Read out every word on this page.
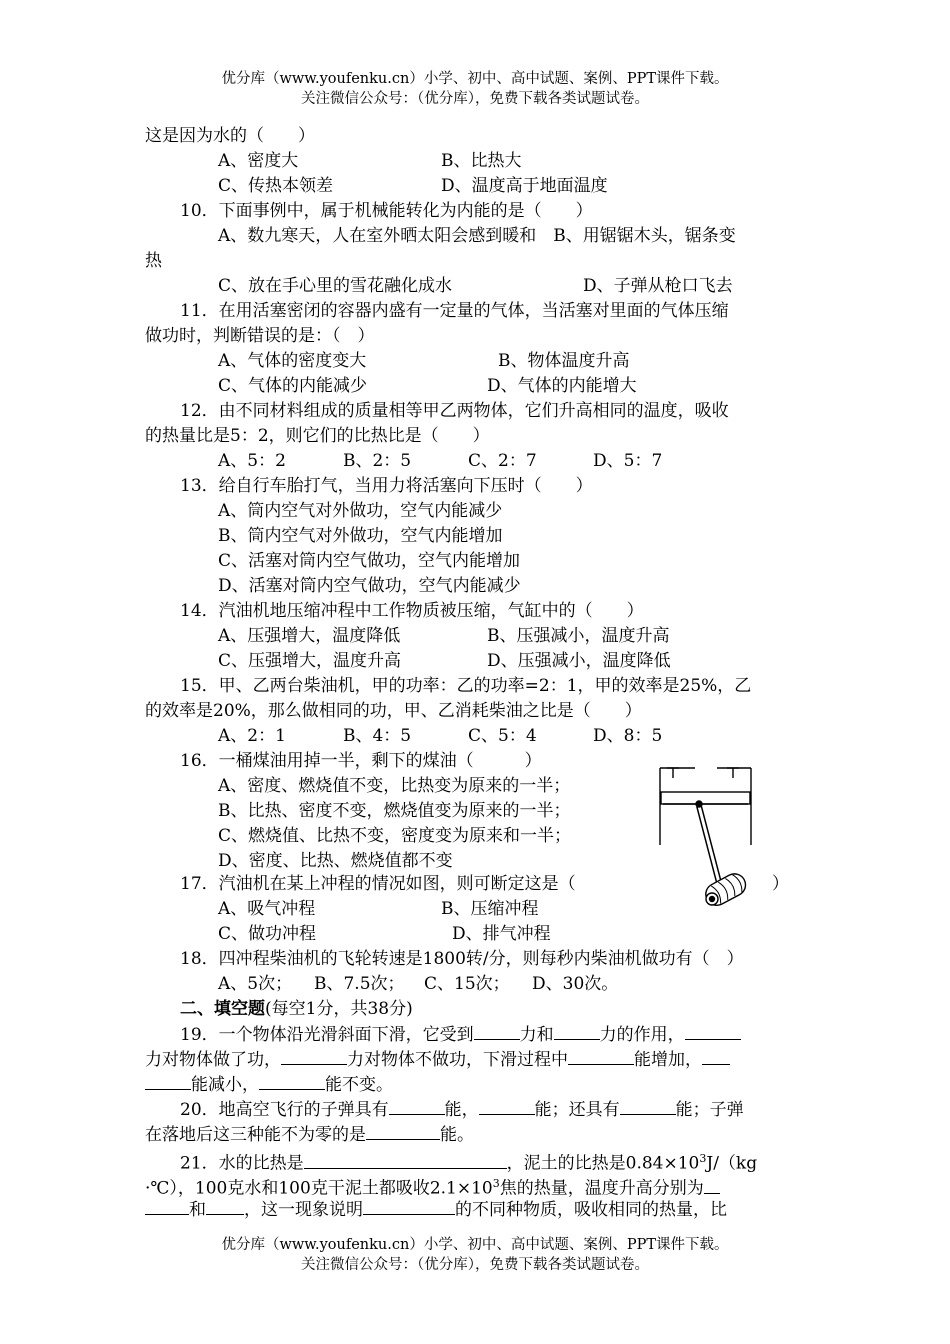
优分库（www.youfenku.cn）小学、初中、高中试题、案例、PPT课件下载。
关注微信公众号：（优分库），免费下载各类试题试卷。
这是因为水的（　　）
A、密度大	B、比热大
C、传热本领差	D、温度高于地面温度
10．下面事例中，属于机械能转化为内能的是（　　）
A、数九寒天，人在室外晒太阳会感到暖和　B、用锯锯木头，锯条变
热
C、放在手心里的雪花融化成水	D、子弹从枪口飞去
11．在用活塞密闭的容器内盛有一定量的气体，当活塞对里面的气体压缩
做功时，判断错误的是：（　）
A、气体的密度变大	B、物体温度升高
C、气体的内能减少	D、气体的内能增大
12．由不同材料组成的质量相等甲乙两物体，它们升高相同的温度，吸收
的热量比是5：2，则它们的比热比是（　　）
A、5：2	B、2：5	C、2：7	D、5：7
13．给自行车胎打气，当用力将活塞向下压时（　　）
A、筒内空气对外做功，空气内能减少
B、筒内空气对外做功，空气内能增加
C、活塞对筒内空气做功，空气内能增加
D、活塞对筒内空气做功，空气内能减少
14．汽油机地压缩冲程中工作物质被压缩，气缸中的（　　）
A、压强增大，温度降低	B、压强减小，温度升高
C、压强增大，温度升高	D、压强减小，温度降低
15．甲、乙两台柴油机，甲的功率：乙的功率=2：1，甲的效率是25%，乙
的效率是20%，那么做相同的功，甲、乙消耗柴油之比是（　　）
A、2：1	B、4：5	C、5：4	D、8：5
16．一桶煤油用掉一半，剩下的煤油（　　　）
A、密度、燃烧值不变，比热变为原来的一半；
B、比热、密度不变，燃烧值变为原来的一半；
C、燃烧值、比热不变，密度变为原来和一半；
D、密度、比热、燃烧值都不变
17．汽油机在某上冲程的情况如图，则可断定这是（	）
A、吸气冲程	B、压缩冲程
C、做功冲程	D、排气冲程
18．四冲程柴油机的飞轮转速是1800转/分，则每秒内柴油机做功有（　）
A、5次； B、7.5次； C、15次； D、30次。
二、填空题(每空1分，共38分)
19．一个物体沿光滑斜面下滑，它受到	力和	力的作用，
力对物体做了功，	力对物体不做功，下滑过程中	能增加，
能减小，	能不变。
20．地高空飞行的子弹具有	能，	能；还具有	能；子弹
在落地后这三种能不为零的是	能。
21．水的比热是	，泥土的比热是$0.84\times 10^3J/(kg$
·℃），100克水和100克干泥土都吸收$2.1\times 10^3$焦的热量，温度升高分别为
和 ，这一现象说明	的不同种物质，吸收相同的热量，比
优分库（www.youfenku.cn）小学、初中、高中试题、案例、PPT课件下载。
关注微信公众号：（优分库），免费下载各类试题试卷。
